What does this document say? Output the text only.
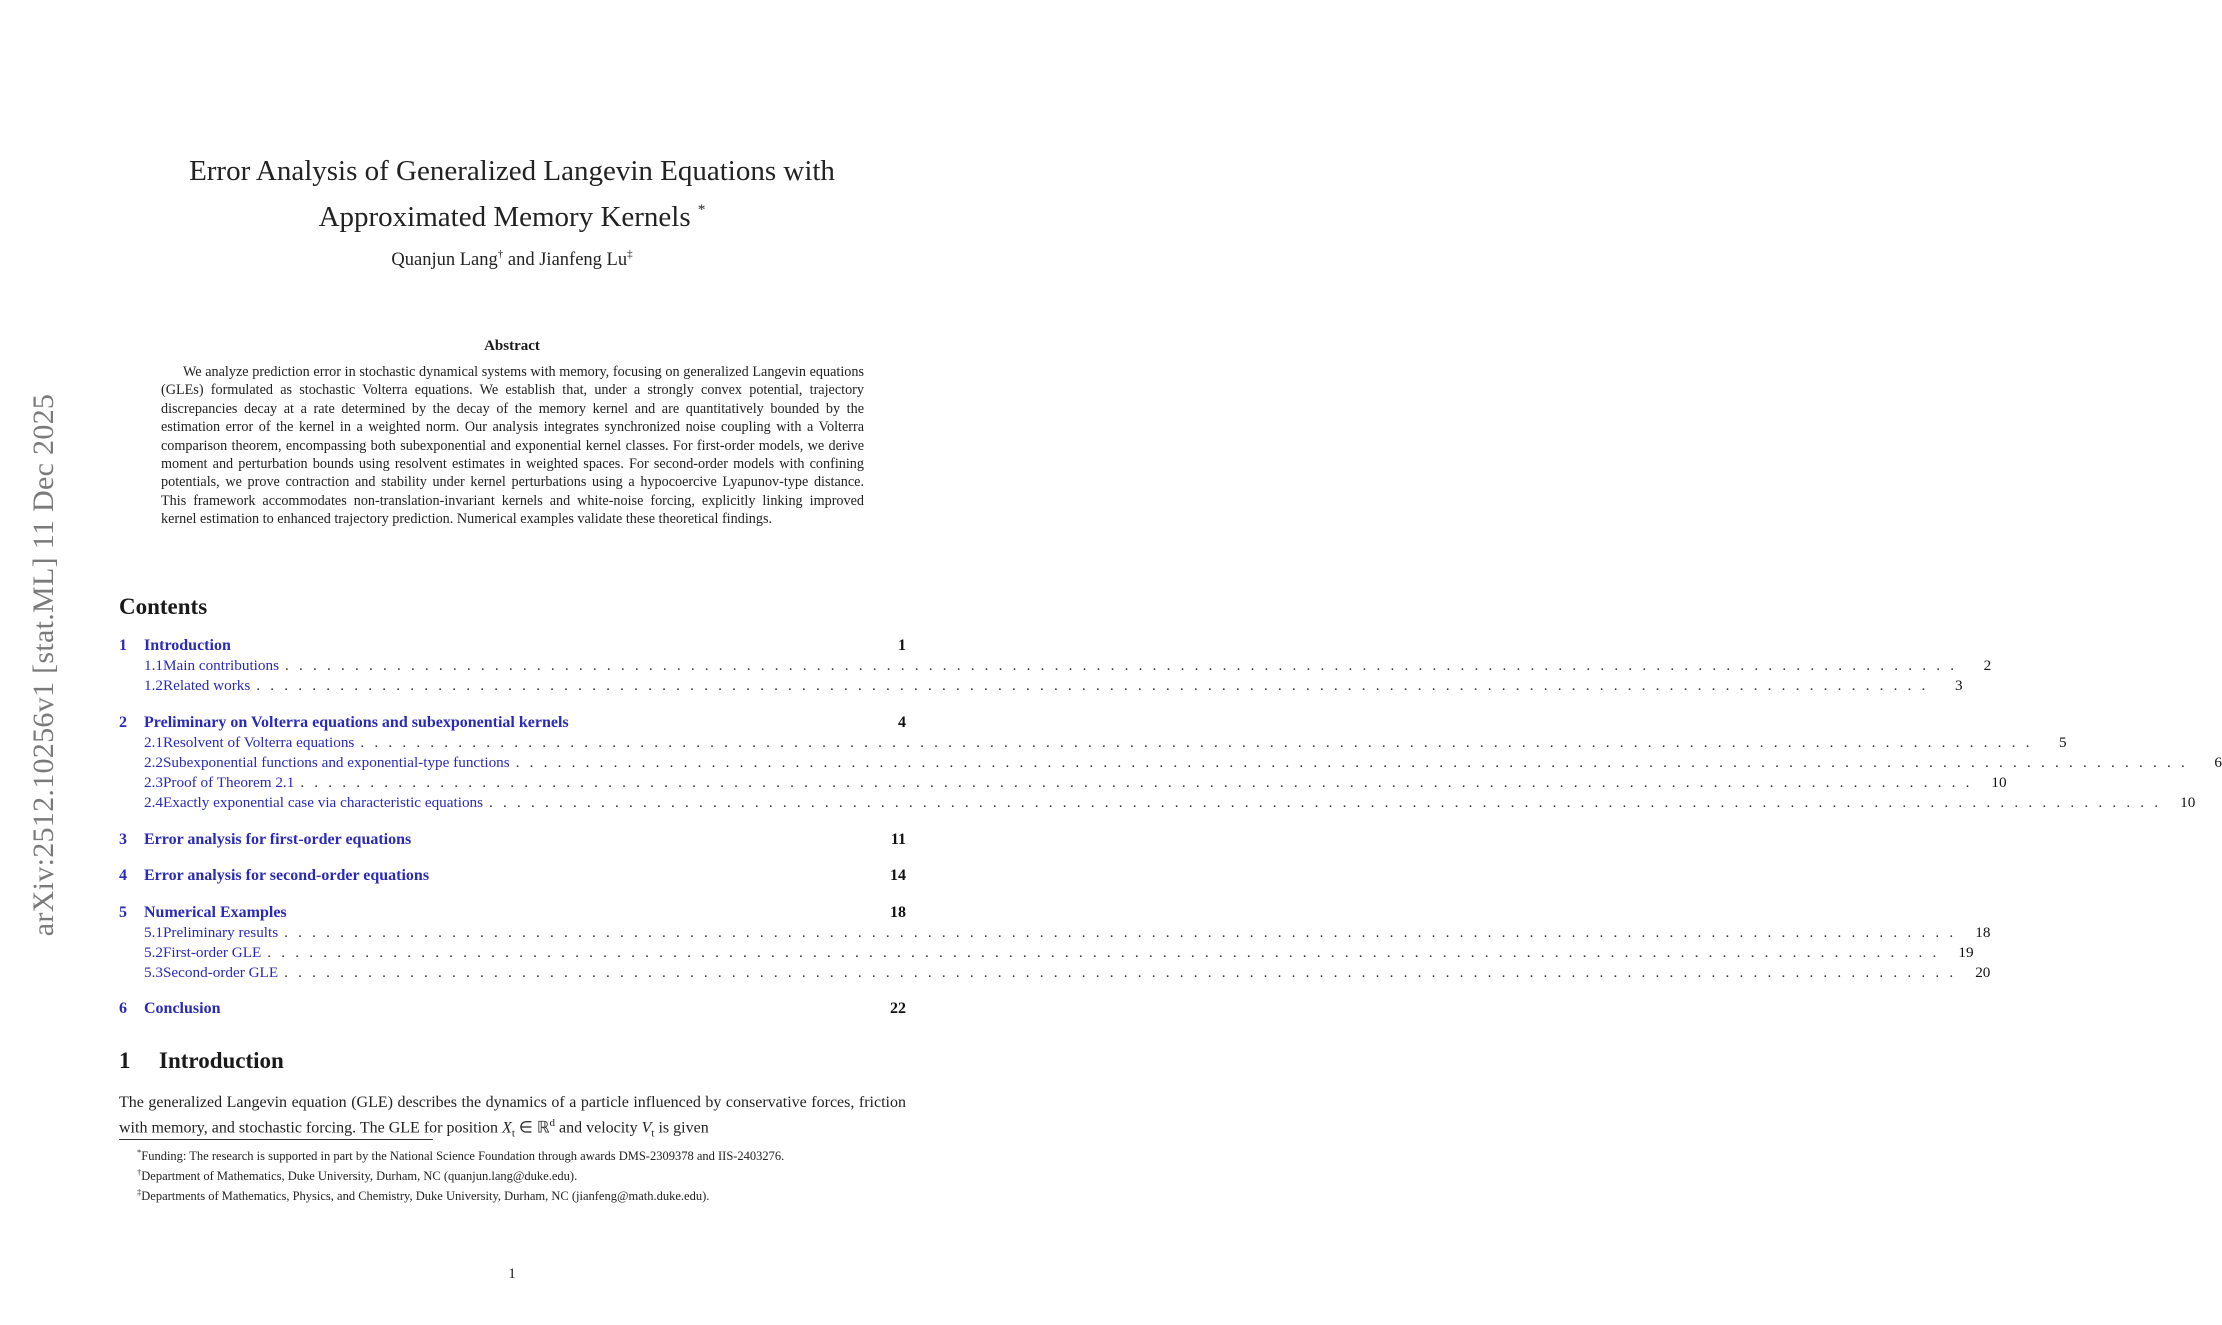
arXiv:2512.10256v1 [stat.ML] 11 Dec 2025
Error Analysis of Generalized Langevin Equations with
Approximated Memory Kernels *
Quanjun Lang† and Jianfeng Lu‡
Abstract
We analyze prediction error in stochastic dynamical systems with memory, focusing on generalized Langevin equations (GLEs) formulated as stochastic Volterra equations. We establish that, under a strongly convex potential, trajectory discrepancies decay at a rate determined by the decay of the memory kernel and are quantitatively bounded by the estimation error of the kernel in a weighted norm. Our analysis integrates synchronized noise coupling with a Volterra comparison theorem, encompassing both subexponential and exponential kernel classes. For first-order models, we derive moment and perturbation bounds using resolvent estimates in weighted spaces. For second-order models with confining potentials, we prove contraction and stability under kernel perturbations using a hypocoercive Lyapunov-type distance. This framework accommodates non-translation-invariant kernels and white-noise forcing, explicitly linking improved kernel estimation to enhanced trajectory prediction. Numerical examples validate these theoretical findings.
Contents
1	Introduction	1
1.1 Main contributions . . . . . . . . . . . . . . . . . . . . . . . . . . . . . . . . . . . . . . . . . . . . . . . . . . . . . . . . . . . . . . . . . . . . . . . . . . . . . . . . . . . . . . . . . . . . . . . . . . . . . . . . . . . . . . . . . . . . . . . .	2
1.2 Related works . . . . . . . . . . . . . . . . . . . . . . . . . . . . . . . . . . . . . . . . . . . . . . . . . . . . . . . . . . . . . . . . . . . . . . . . . . . . . . . . . . . . . . . . . . . . . . . . . . . . . . . . . . . . . . . . . . . . . . . .	3
2	Preliminary on Volterra equations and subexponential kernels	4
2.1 Resolvent of Volterra equations . . . . . . . . . . . . . . . . . . . . . . . . . . . . . . . . . . . . . . . . . . . . . . . . . . . . . . . . . . . . . . . . . . . . . . . . . . . . . . . . . . . . . . . . . . . . . . . . . . . . . . . . . . . . . . . . . . . . . . . .	5
2.2 Subexponential functions and exponential-type functions . . . . . . . . . . . . . . . . . . . . . . . . . . . . . . . . . . . . . . . . . . . . . . . . . . . . . . . . . . . . . . . . . . . . . . . . . . . . . . . . . . . . . . . . . . . . . . . . . . . . . . . . . . . . . . . . . . . . . . . .	6
2.3 Proof of Theorem 2.1 . . . . . . . . . . . . . . . . . . . . . . . . . . . . . . . . . . . . . . . . . . . . . . . . . . . . . . . . . . . . . . . . . . . . . . . . . . . . . . . . . . . . . . . . . . . . . . . . . . . . . . . . . . . . . . . . . . . . . . . .	10
2.4 Exactly exponential case via characteristic equations . . . . . . . . . . . . . . . . . . . . . . . . . . . . . . . . . . . . . . . . . . . . . . . . . . . . . . . . . . . . . . . . . . . . . . . . . . . . . . . . . . . . . . . . . . . . . . . . . . . . . . . . . . . . . . . . . . . . . . . .	10
3	Error analysis for first-order equations	11
4	Error analysis for second-order equations	14
5	Numerical Examples	18
5.1 Preliminary results . . . . . . . . . . . . . . . . . . . . . . . . . . . . . . . . . . . . . . . . . . . . . . . . . . . . . . . . . . . . . . . . . . . . . . . . . . . . . . . . . . . . . . . . . . . . . . . . . . . . . . . . . . . . . . . . . . . . . . . .	18
5.2 First-order GLE . . . . . . . . . . . . . . . . . . . . . . . . . . . . . . . . . . . . . . . . . . . . . . . . . . . . . . . . . . . . . . . . . . . . . . . . . . . . . . . . . . . . . . . . . . . . . . . . . . . . . . . . . . . . . . . . . . . . . . . .	19
5.3 Second-order GLE . . . . . . . . . . . . . . . . . . . . . . . . . . . . . . . . . . . . . . . . . . . . . . . . . . . . . . . . . . . . . . . . . . . . . . . . . . . . . . . . . . . . . . . . . . . . . . . . . . . . . . . . . . . . . . . . . . . . . . . .	20
6	Conclusion	22
1 Introduction
The generalized Langevin equation (GLE) describes the dynamics of a particle influenced by conservative forces, friction with memory, and stochastic forcing. The GLE for position $X_t$ ∈ ℝ$^d$ and velocity $V_t$ is given
*Funding: The research is supported in part by the National Science Foundation through awards DMS-2309378 and IIS-2403276.
†Department of Mathematics, Duke University, Durham, NC (quanjun.lang@duke.edu).
‡Departments of Mathematics, Physics, and Chemistry, Duke University, Durham, NC (jianfeng@math.duke.edu).
1
